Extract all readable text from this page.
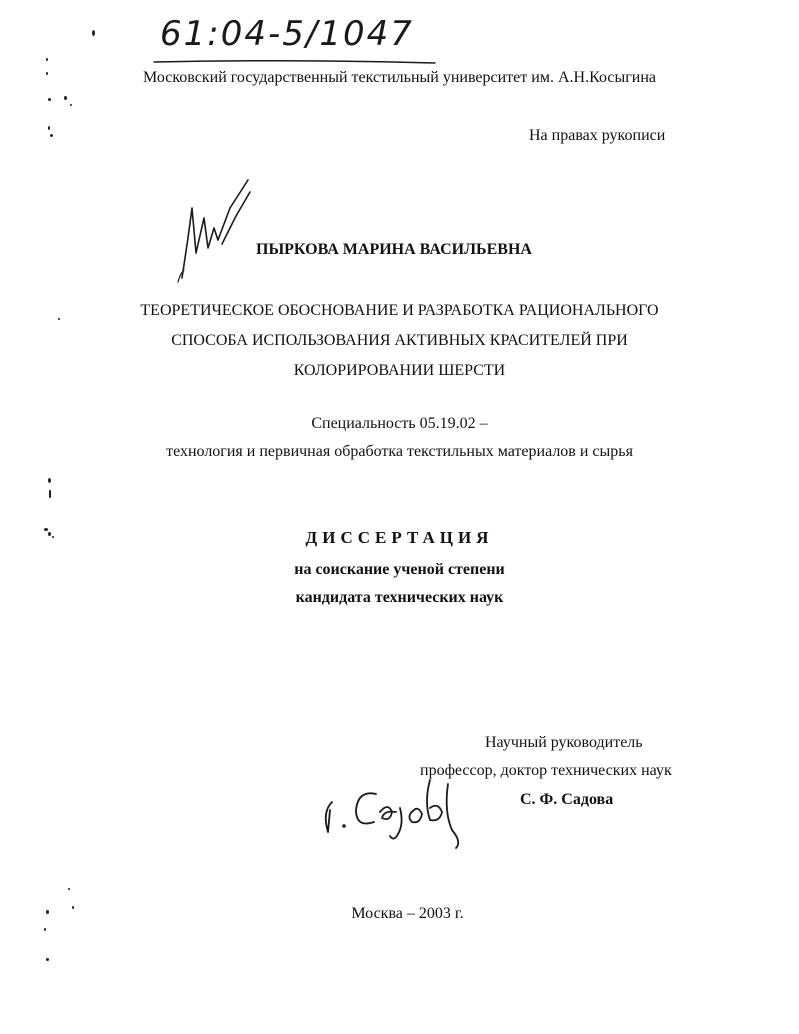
61:04-5/1047
Московский государственный текстильный университет им. А.Н.Косыгина
На правах рукописи
ПЫРКОВА МАРИНА ВАСИЛЬЕВНА
ТЕОРЕТИЧЕСКОЕ ОБОСНОВАНИЕ И РАЗРАБОТКА РАЦИОНАЛЬНОГО
СПОСОБА ИСПОЛЬЗОВАНИЯ АКТИВНЫХ КРАСИТЕЛЕЙ ПРИ
КОЛОРИРОВАНИИ ШЕРСТИ
Специальность 05.19.02 –
технология и первичная обработка текстильных материалов и сырья
ДИССЕРТАЦИЯ
на соискание ученой степени
кандидата технических наук
Научный руководитель
профессор, доктор технических наук
С. Ф. Садова
Москва – 2003 г.
